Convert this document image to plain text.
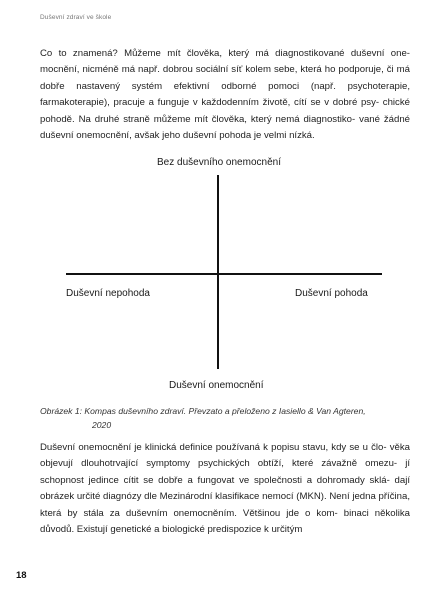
Duševní zdraví ve škole

Co to znamená? Můžeme mít člověka, který má diagnostikované duševní one- mocnění, nicméně má např. dobrou sociální síť kolem sebe, která ho podporuje, či má dobře nastavený systém efektivní odborné pomoci (např. psychoterapie, farmakoterapie), pracuje a funguje v každodenním životě, cítí se v dobré psy- chické pohodě. Na druhé straně můžeme mít člověka, který nemá diagnostiko- vané žádné duševní onemocnění, avšak jeho duševní pohoda je velmi nízká.

Bez duševního onemocnění
Duševní nepohoda	Duševní pohoda
Duševní onemocnění

Obrázek 1: Kompas duševního zdraví. Převzato a přeloženo z Iasiello & Van Agteren,
2020

Duševní onemocnění je klinická definice používaná k popisu stavu, kdy se u člo- věka objevují dlouhotrvající symptomy psychických obtíží, které závažně omezu- jí schopnost jedince cítit se dobře a fungovat ve společnosti a dohromady sklá- dají obrázek určité diagnózy dle Mezinárodní klasifikace nemocí (MKN). Není jedna příčina, která by stála za duševním onemocněním. Většinou jde o kom- binaci několika důvodů. Existují genetické a biologické predispozice k určitým

18
